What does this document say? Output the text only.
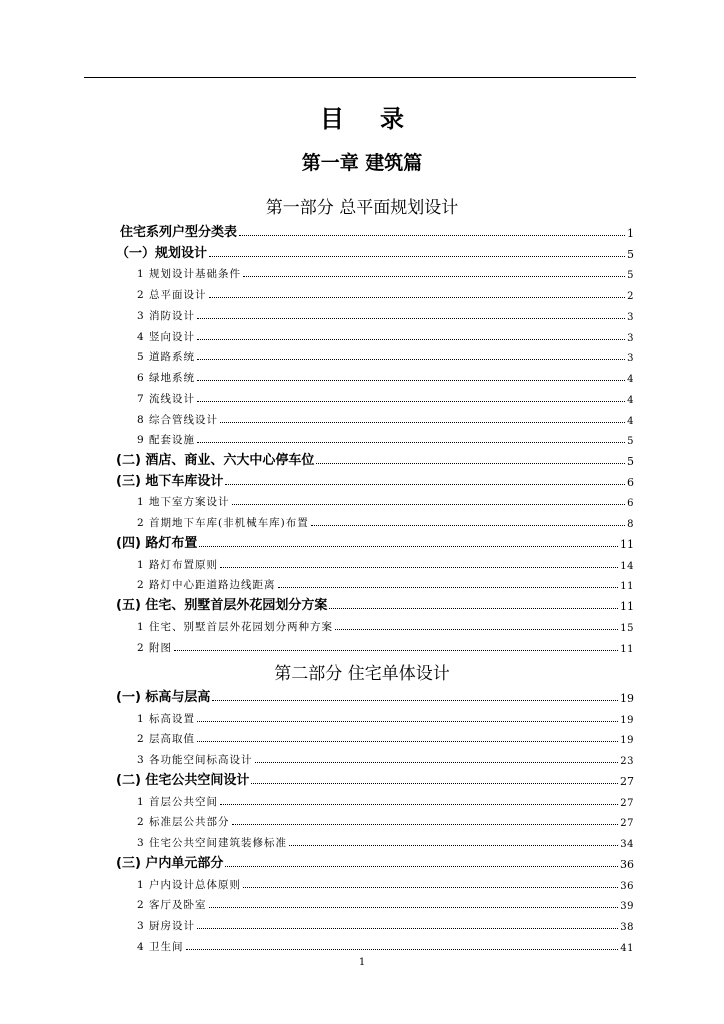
目录
第一章 建筑篇
第一部分 总平面规划设计
住宅系列户型分类表	1
（一）规划设计	5
1 规划设计基础条件	5
2 总平面设计	2
3 消防设计	3
4 竖向设计	3
5 道路系统	3
6 绿地系统	4
7 流线设计	4
8 综合管线设计	4
9 配套设施	5
(二) 酒店、商业、六大中心停车位	5
(三) 地下车库设计	6
1 地下室方案设计	6
2 首期地下车库(非机械车库)布置	8
(四) 路灯布置	11
1 路灯布置原则	14
2 路灯中心距道路边线距离	11
(五) 住宅、别墅首层外花园划分方案	11
1 住宅、别墅首层外花园划分两种方案	15
2 附图	11
第二部分 住宅单体设计
(一) 标高与层高	19
1 标高设置	19
2 层高取值	19
3 各功能空间标高设计	23
(二) 住宅公共空间设计	27
1 首层公共空间	27
2 标准层公共部分	27
3 住宅公共空间建筑装修标准	34
(三) 户内单元部分	36
1 户内设计总体原则	36
2 客厅及卧室	39
3 厨房设计	38
4 卫生间	41
1
